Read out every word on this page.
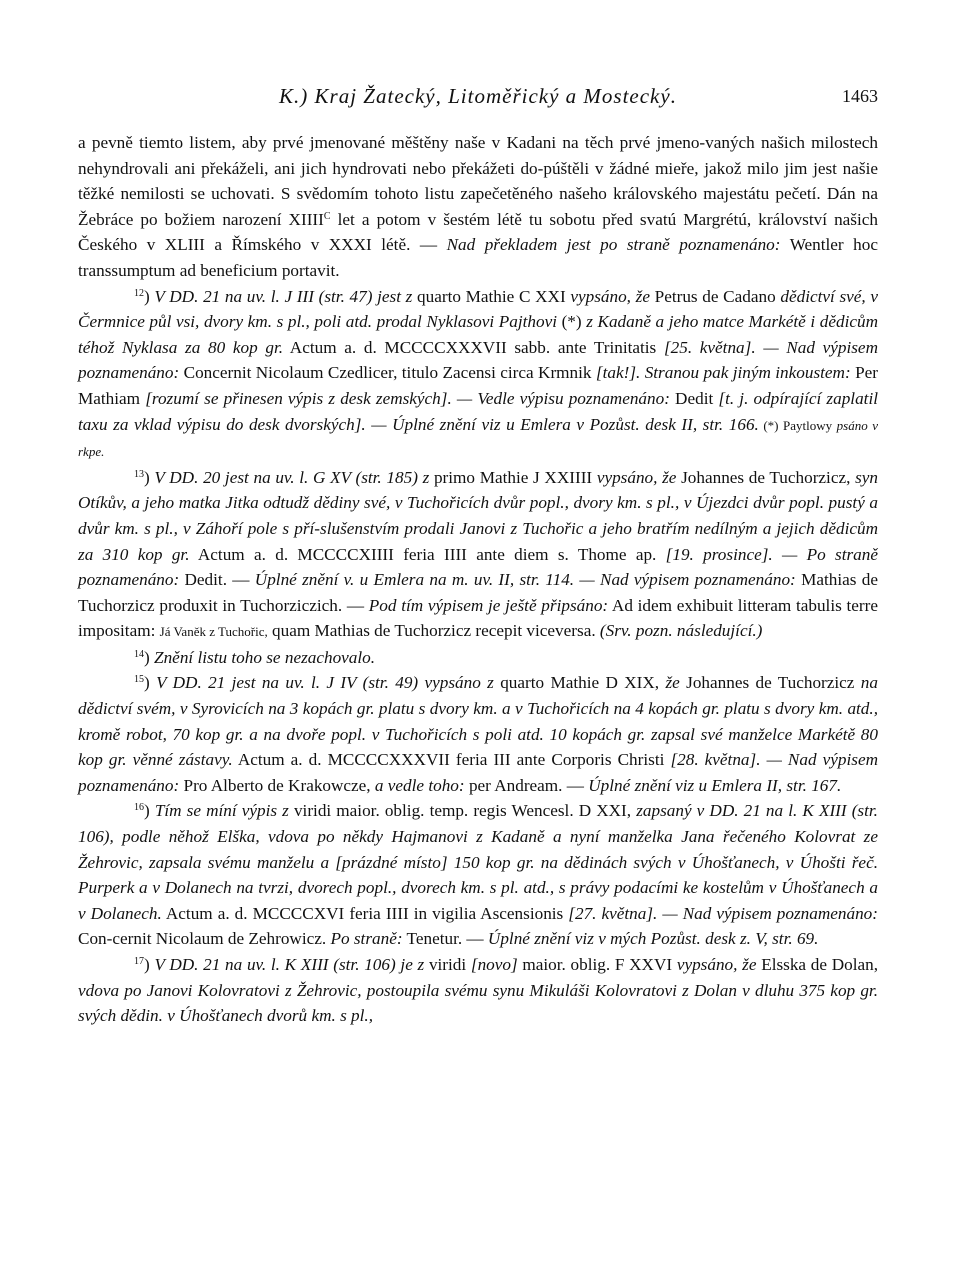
K.) Kraj Žatecký, Litoměřický a Mostecký.	1463

a pevně tiemto listem, aby prvé jmenované měštěny naše v Kadani na těch prvé jmeno-vaných našich milostech nehyndrovali ani překáželi, ani jich hyndrovati nebo překážeti do-púštěli v žádné mieře, jakož milo jim jest našie těžké nemilosti se uchovati. S svědomím tohoto listu zapečetěného našeho královského majestátu pečetí. Dán na Žebráce po božiem narození $XIIII^C$ let a potom v šestém létě tu sobotu před svatú Margrétú, království našich Českého v XLIII a Římského v XXXI létě. — Nad překladem jest po straně poznamenáno: Wentler hoc transsumptum ad beneficium portavit.

$^{12}$) V DD. 21 na uv. l. J III (str. 47) jest z quarto Mathie C XXI vypsáno, že Petrus de Cadano dědictví své, v Čermnice půl vsi, dvory km. s pl., poli atd. prodal Nyklasovi Pajthovi (*) z Kadaně a jeho matce Markétě i dědicům téhož Nyklasa za 80 kop gr. Actum a. d. MCCCCXXXVII sabb. ante Trinitatis [25. května]. — Nad výpisem poznamenáno: Concernit Nicolaum Czedlicer, titulo Zacensi circa Krmnik [tak!]. Stranou pak jiným inkoustem: Per Mathiam [rozumí se přinesen výpis z desk zemských]. — Vedle výpisu poznamenáno: Dedit [t. j. odpírající zaplatil taxu za vklad výpisu do desk dvorských]. — Úplné znění viz u Emlera v Pozůst. desk II, str. 166. (*) Paytlowy psáno v rkpe.

$^{13}$) V DD. 20 jest na uv. l. G XV (str. 185) z primo Mathie J XXIIII vypsáno, že Johannes de Tuchorzicz, syn Otíkův, a jeho matka Jitka odtudž dědiny své, v Tuchořicích dvůr popl., dvory km. s pl., v Újezdci dvůr popl. pustý a dvůr km. s pl., v Záhoří pole s pří-slušenstvím prodali Janovi z Tuchořic a jeho bratřím nedílným a jejich dědicům za 310 kop gr. Actum a. d. MCCCCXIIII feria IIII ante diem s. Thome ap. [19. prosince]. — Po straně poznamenáno: Dedit. — Úplné znění v. u Emlera na m. uv. II, str. 114. — Nad výpisem poznamenáno: Mathias de Tuchorzicz produxit in Tuchorziczich. — Pod tím výpisem je ještě připsáno: Ad idem exhibuit litteram tabulis terre impositam: Já Vaněk z Tuchořic, quam Mathias de Tuchorzicz recepit viceversa. (Srv. pozn. následující.)

$^{14}$) Znění listu toho se nezachovalo.

$^{15}$) V DD. 21 jest na uv. l. J IV (str. 49) vypsáno z quarto Mathie D XIX, že Johannes de Tuchorzicz na dědictví svém, v Syrovicích na 3 kopách gr. platu s dvory km. a v Tuchořicích na 4 kopách gr. platu s dvory km. atd., kromě robot, 70 kop gr. a na dvoře popl. v Tuchořicích s poli atd. 10 kopách gr. zapsal své manželce Markétě 80 kop gr. věnné zástavy. Actum a. d. MCCCCXXXVII feria III ante Corporis Christi [28. května]. — Nad výpisem poznamenáno: Pro Alberto de Krakowcze, a vedle toho: per Andream. — Úplné znění viz u Emlera II, str. 167.

$^{16}$) Tím se míní výpis z viridi maior. oblig. temp. regis Wencesl. D XXI, zapsaný v DD. 21 na l. K XIII (str. 106), podle něhož Elška, vdova po někdy Hajmanovi z Kadaně a nyní manželka Jana řečeného Kolovrat ze Žehrovic, zapsala svému manželu a [prázdné místo] 150 kop gr. na dědinách svých v Úhošťanech, v Úhošti řeč. Purperk a v Dolanech na tvrzi, dvorech popl., dvorech km. s pl. atd., s právy podacími ke kostelům v Úhošťanech a v Dolanech. Actum a. d. MCCCCXVI feria IIII in vigilia Ascensionis [27. května]. — Nad výpisem poznamenáno: Con-cernit Nicolaum de Zehrowicz. Po straně: Tenetur. — Úplné znění viz v mých Pozůst. desk z. V, str. 69.

$^{17}$) V DD. 21 na uv. l. K XIII (str. 106) je z viridi [novo] maior. oblig. F XXVI vypsáno, že Elsska de Dolan, vdova po Janovi Kolovratovi z Žehrovic, postoupila svému synu Mikuláši Kolovratovi z Dolan v dluhu 375 kop gr. svých dědin. v Úhošťanech dvorů km. s pl.,
